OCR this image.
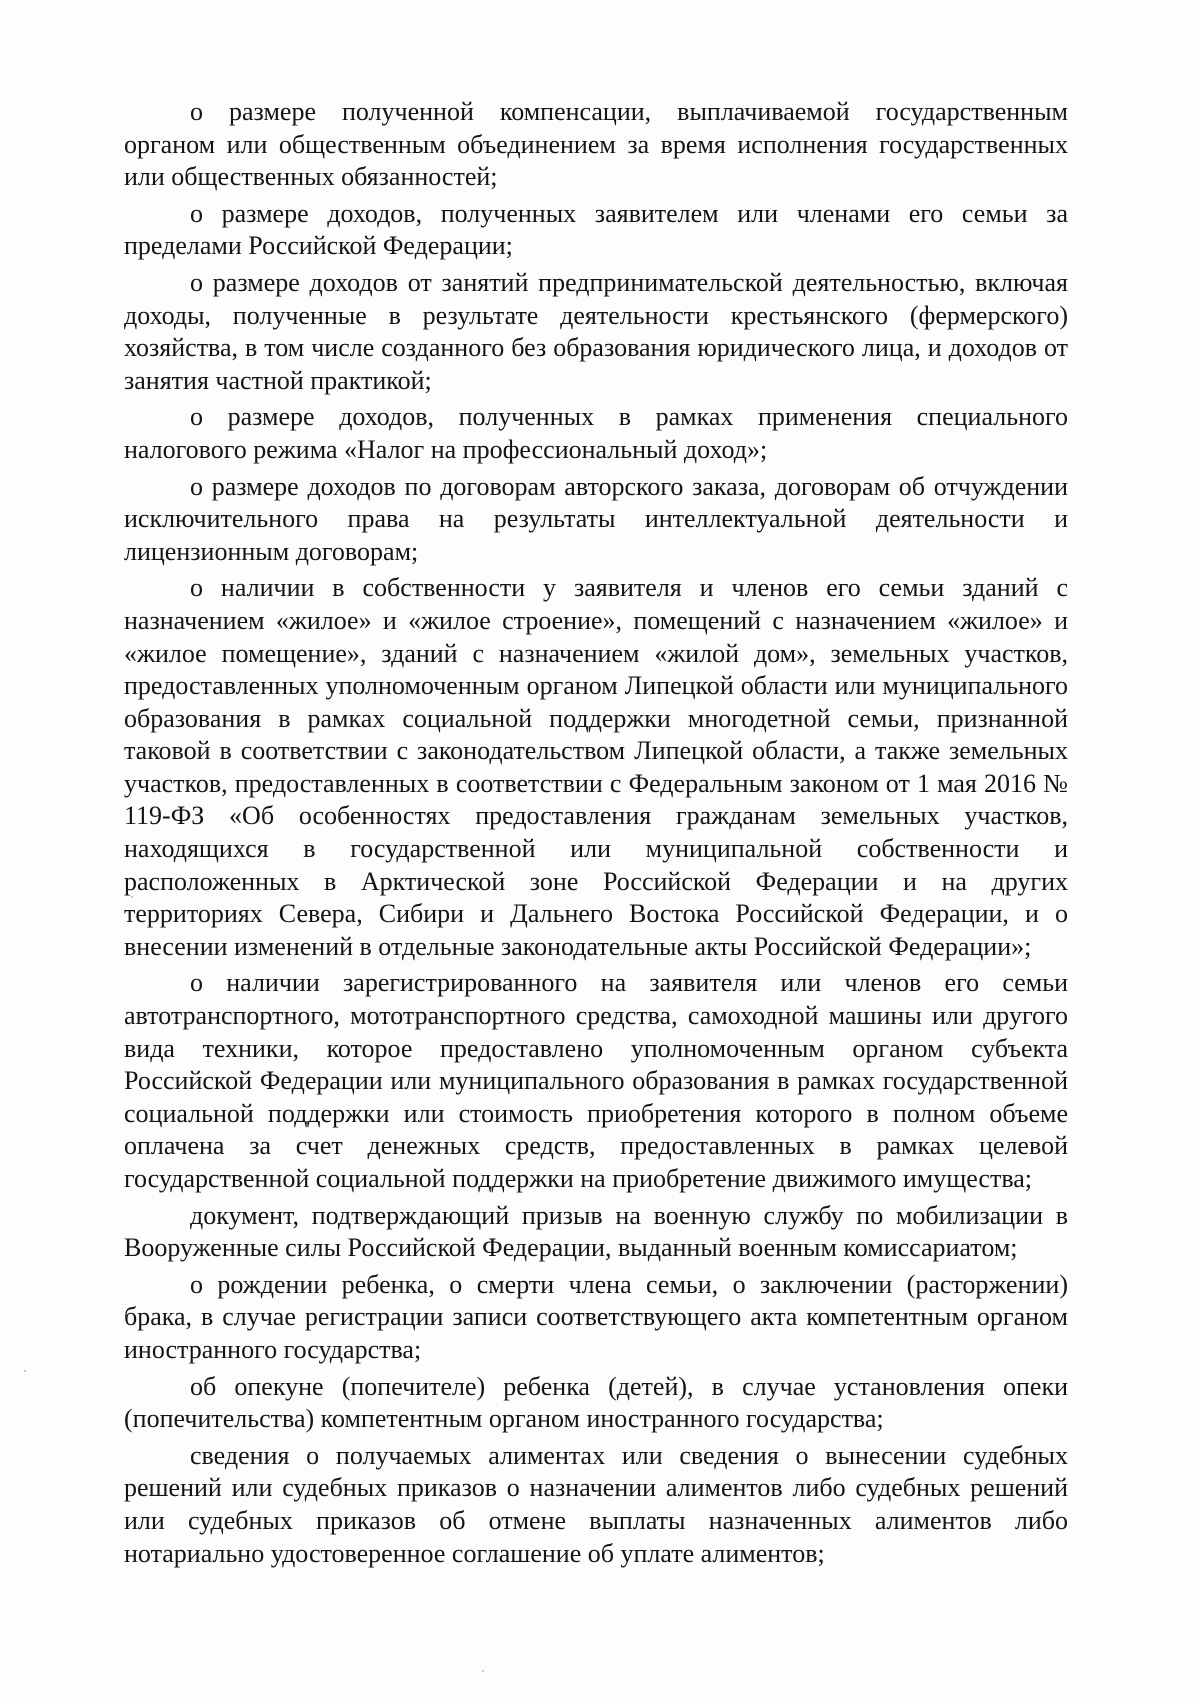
о размере полученной компенсации, выплачиваемой государственным органом или общественным объединением за время исполнения государственных или общественных обязанностей;

о размере доходов, полученных заявителем или членами его семьи за пределами Российской Федерации;

о размере доходов от занятий предпринимательской деятельностью, включая доходы, полученные в результате деятельности крестьянского (фермерского) хозяйства, в том числе созданного без образования юридического лица, и доходов от занятия частной практикой;

о размере доходов, полученных в рамках применения специального налогового режима «Налог на профессиональный доход»;

о размере доходов по договорам авторского заказа, договорам об отчуждении исключительного права на результаты интеллектуальной деятельности и лицензионным договорам;

о наличии в собственности у заявителя и членов его семьи зданий с назначением «жилое» и «жилое строение», помещений с назначением «жилое» и «жилое помещение», зданий с назначением «жилой дом», земельных участков, предоставленных уполномоченным органом Липецкой области или муниципального образования в рамках социальной поддержки многодетной семьи, признанной таковой в соответствии с законодательством Липецкой области, а также земельных участков, предоставленных в соответствии с Федеральным законом от 1 мая 2016 № 119-ФЗ «Об особенностях предоставления гражданам земельных участков, находящихся в государственной или муниципальной собственности и расположенных в Арктической зоне Российской Федерации и на других территориях Севера, Сибири и Дальнего Востока Российской Федерации, и о внесении изменений в отдельные законодательные акты Российской Федерации»;

о наличии зарегистрированного на заявителя или членов его семьи автотранспортного, мототранспортного средства, самоходной машины или другого вида техники, которое предоставлено уполномоченным органом субъекта Российской Федерации или муниципального образования в рамках государственной социальной поддержки или стоимость приобретения которого в полном объеме оплачена за счет денежных средств, предоставленных в рамках целевой государственной социальной поддержки на приобретение движимого имущества;

документ, подтверждающий призыв на военную службу по мобилизации в Вооруженные силы Российской Федерации, выданный военным комиссариатом;

о рождении ребенка, о смерти члена семьи, о заключении (расторжении) брака, в случае регистрации записи соответствующего акта компетентным органом иностранного государства;

об опекуне (попечителе) ребенка (детей), в случае установления опеки (попечительства) компетентным органом иностранного государства;

сведения о получаемых алиментах или сведения о вынесении судебных решений или судебных приказов о назначении алиментов либо судебных решений или судебных приказов об отмене выплаты назначенных алиментов либо нотариально удостоверенное соглашение об уплате алиментов;
